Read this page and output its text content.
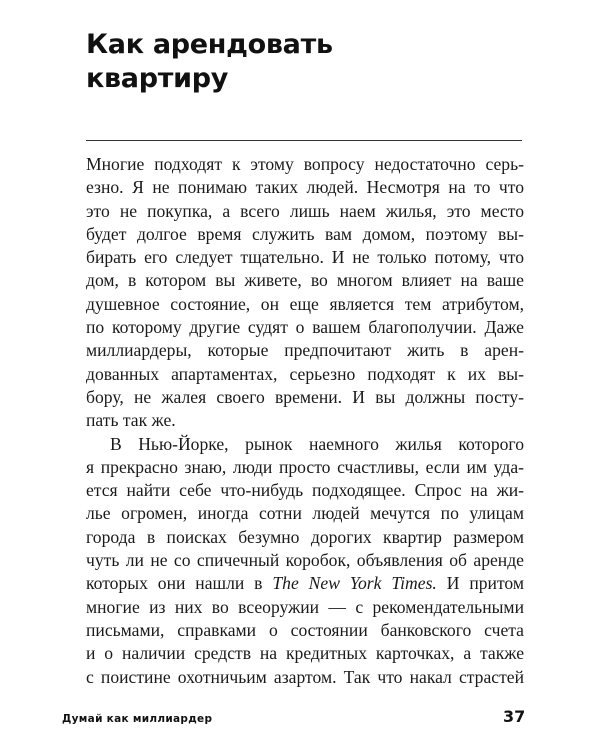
Как арендовать
квартиру

Многие подходят к этому вопросу недостаточно серь-
езно. Я не понимаю таких людей. Несмотря на то что
это не покупка, а всего лишь наем жилья, это место
будет долгое время служить вам домом, поэтому вы-
бирать его следует тщательно. И не только потому, что
дом, в котором вы живете, во многом влияет на ваше
душевное состояние, он еще является тем атрибутом,
по которому другие судят о вашем благополучии. Даже
миллиардеры, которые предпочитают жить в арен-
дованных апартаментах, серьезно подходят к их вы-
бору, не жалея своего времени. И вы должны посту-
пать так же.

В Нью-Йорке, рынок наемного жилья которого
я прекрасно знаю, люди просто счастливы, если им уда-
ется найти себе что-нибудь подходящее. Спрос на жи-
лье огромен, иногда сотни людей мечутся по улицам
города в поисках безумно дорогих квартир размером
чуть ли не со спичечный коробок, объявления об аренде
которых они нашли в The New York Times. И притом
многие из них во всеоружии — с рекомендательными
письмами, справками о состоянии банковского счета
и о наличии средств на кредитных карточках, а также
с поистине охотничьим азартом. Так что накал страстей

Думай как миллиардер	37
